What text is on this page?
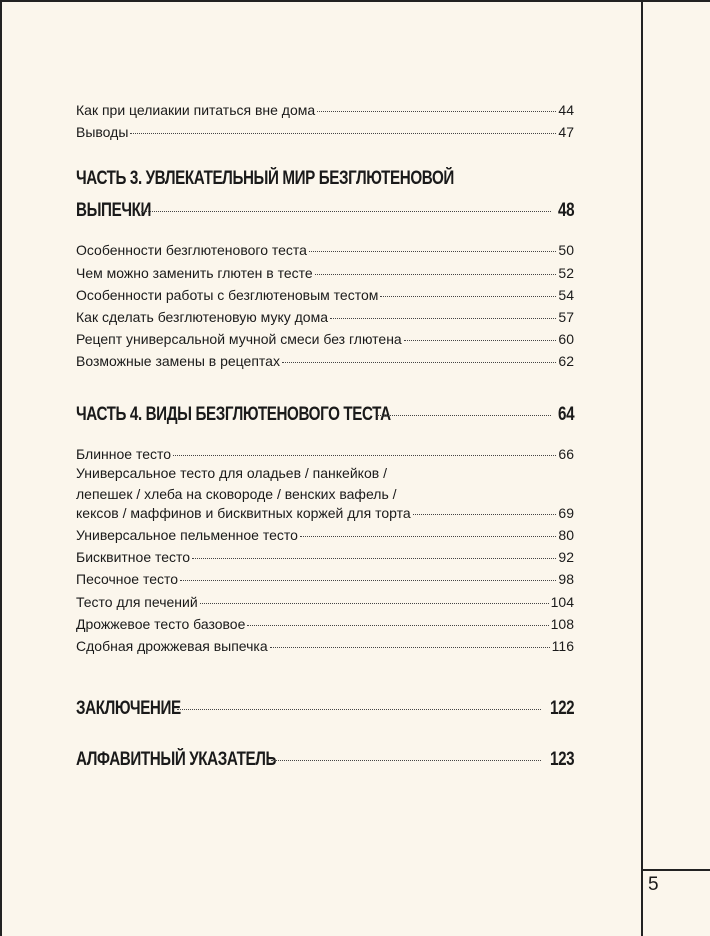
5
Как при целиакии питаться вне дома	44
Выводы	47
ЧАСТЬ 3. УВЛЕКАТЕЛЬНЫЙ МИР БЕЗГЛЮТЕНОВОЙ
ВЫПЕЧКИ	48
Особенности безглютенового теста	50
Чем можно заменить глютен в тесте	52
Особенности работы с безглютеновым тестом	54
Как сделать безглютеновую муку дома	57
Рецепт универсальной мучной смеси без глютена	60
Возможные замены в рецептах	62
ЧАСТЬ 4. ВИДЫ БЕЗГЛЮТЕНОВОГО ТЕСТА	64
Блинное тесто	66
Универсальное тесто для оладьев / панкейков /
лепешек / хлеба на сковороде / венских вафель /
кексов / маффинов и бисквитных коржей для торта	69
Универсальное пельменное тесто	80
Бисквитное тесто	92
Песочное тесто	98
Тесто для печений	104
Дрожжевое тесто базовое	108
Сдобная дрожжевая выпечка	116
ЗАКЛЮЧЕНИЕ	122
АЛФАВИТНЫЙ УКАЗАТЕЛЬ	123
